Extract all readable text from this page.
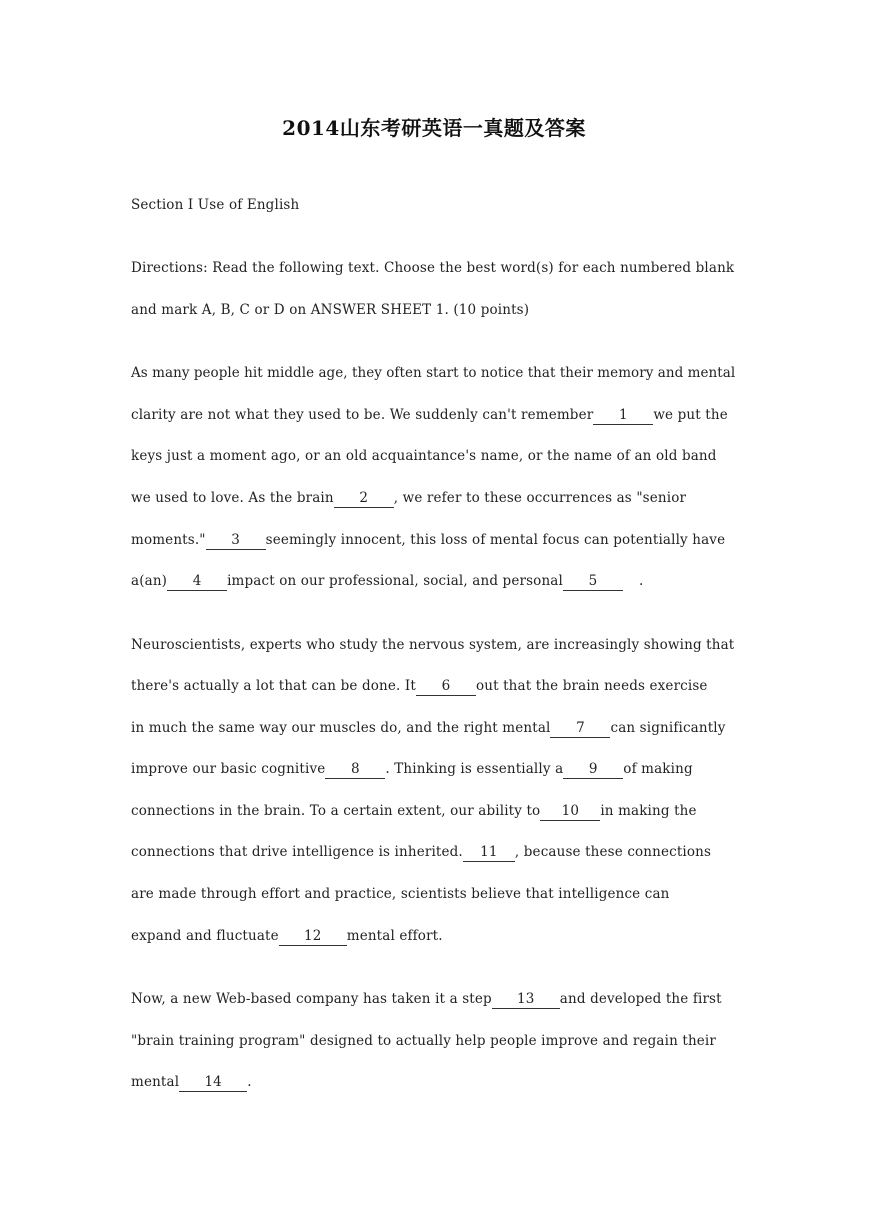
2014山东考研英语一真题及答案
Section Ⅰ Use of English
Directions: Read the following text. Choose the best word(s) for each numbered blank
and mark A, B, C or D on ANSWER SHEET 1. (10 points)
As many people hit middle age, they often start to notice that their memory and mental
clarity are not what they used to be. We suddenly can't remember 1 we put the
keys just a moment ago, or an old acquaintance's name, or the name of an old band
we used to love. As the brain 2 , we refer to these occurrences as "senior
moments." 3 seemingly innocent, this loss of mental focus can potentially have
a(an) 4 impact on our professional, social, and personal 5	.
Neuroscientists, experts who study the nervous system, are increasingly showing that
there's actually a lot that can be done. It 6 out that the brain needs exercise
in much the same way our muscles do, and the right mental 7 can significantly
improve our basic cognitive 8 . Thinking is essentially a 9 of making
connections in the brain. To a certain extent, our ability to 10 in making the
connections that drive intelligence is inherited. 11 , because these connections
are made through effort and practice, scientists believe that intelligence can
expand and fluctuate 12 mental effort.
Now, a new Web-based company has taken it a step 13 and developed the first
"brain training program" designed to actually help people improve and regain their
mental 14 .
